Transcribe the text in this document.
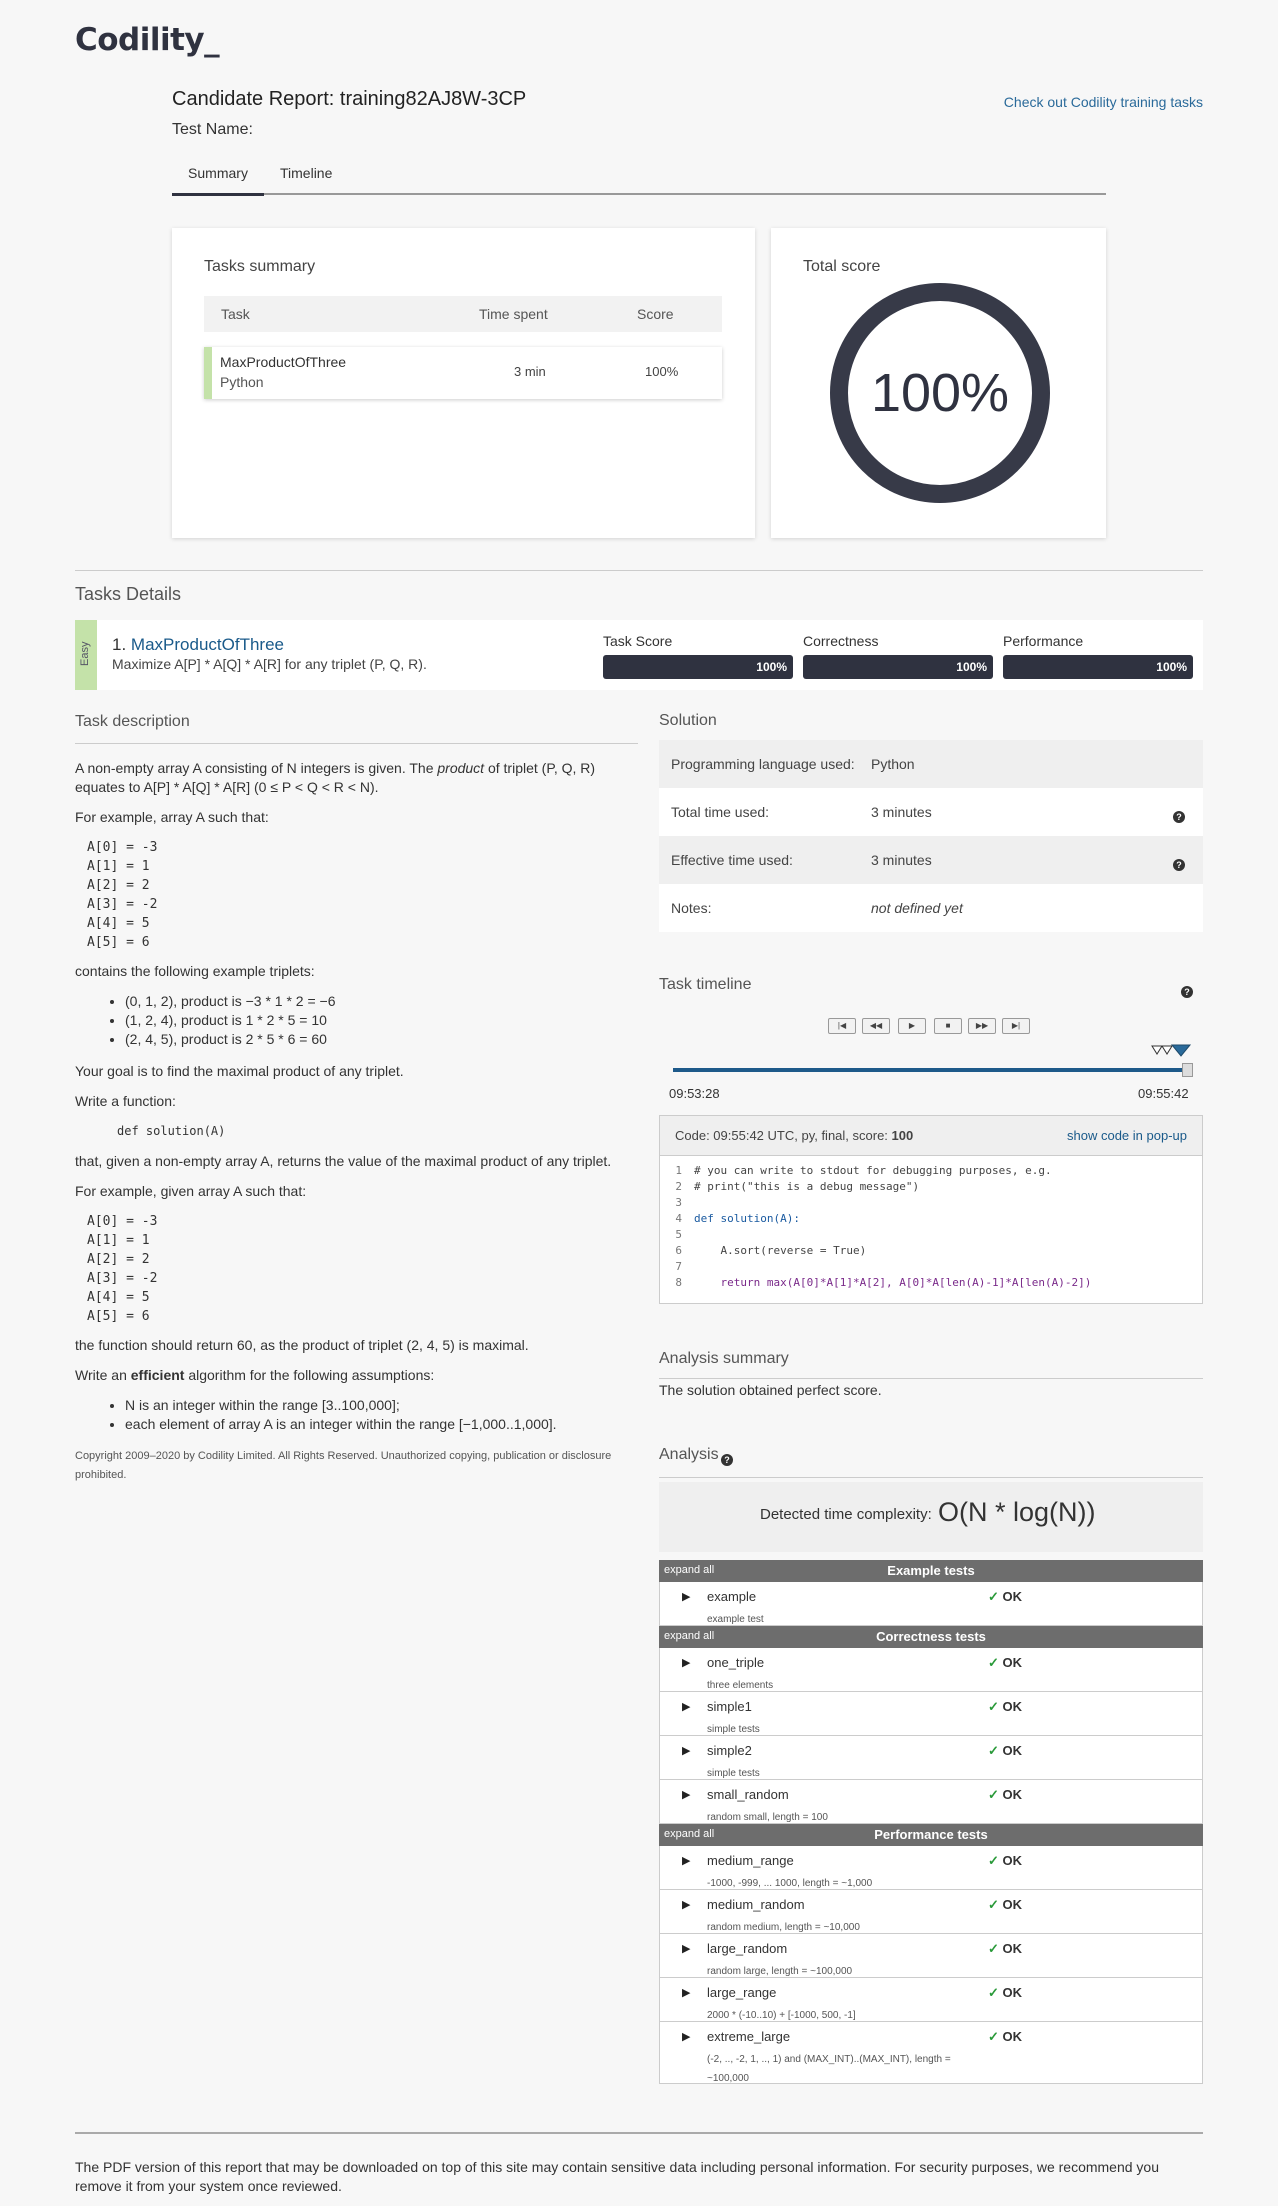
Codility_
Candidate Report: training82AJ8W-3CP
Test Name:
Check out Codility training tasks
Summary	Timeline
Tasks summary
Task	Time spent	Score
MaxProductOfThree
Python
3 min	100%
Total score
100%
Tasks Details
Easy 1. MaxProductOfThree
Maximize A[P] * A[Q] * A[R] for any triplet (P, Q, R).
Task Score
100%
Correctness
100%
Performance
100%
Task description

A non-empty array A consisting of N integers is given. The product of triplet (P, Q, R) equates to A[P] * A[Q] * A[R] (0 ≤ P < Q < R < N).

For example, array A such that:

A[0] = -3
A[1] = 1
A[2] = 2
A[3] = -2
A[4] = 5
A[5] = 6

contains the following example triplets:

• (0, 1, 2), product is −3 * 1 * 2 = −6
• (1, 2, 4), product is 1 * 2 * 5 = 10
• (2, 4, 5), product is 2 * 5 * 6 = 60

Your goal is to find the maximal product of any triplet.

Write a function:

def solution(A)

that, given a non-empty array A, returns the value of the maximal product of any triplet.

For example, given array A such that:

A[0] = -3
A[1] = 1
A[2] = 2
A[3] = -2
A[4] = 5
A[5] = 6

the function should return 60, as the product of triplet (2, 4, 5) is maximal.

Write an efficient algorithm for the following assumptions:

• N is an integer within the range [3..100,000];
• each element of array A is an integer within the range [−1,000..1,000].
Copyright 2009–2020 by Codility Limited. All Rights Reserved. Unauthorized copying, publication or disclosure prohibited.
Solution
Programming language used: Python
Total time used:	3 minutes	?
Effective time used:	3 minutes	?
Notes:	not defined yet
Task timeline	?
|◀	◀◀	▶	■	▶▶	▶|
09:53:28	09:55:42
Code: 09:55:42 UTC, py, final, score: 100	show code in pop-up
1 # you can write to stdout for debugging purposes, e.g.
2 # print("this is a debug message")
3
4 def solution(A):
5
6    A.sort(reverse = True)
7
8    return max(A[0]*A[1]*A[2], A[0]*A[len(A)-1]*A[len(A)-2])
Analysis summary
The solution obtained perfect score.
Analysis ?
Detected time complexity: O(N * log(N))
expand all	Example tests
▶ example
example test
✓ OK
expand all	Correctness tests
▶ one_triple
three elements
✓ OK
▶ simple1
simple tests
✓ OK
▶ simple2
simple tests
✓ OK
▶ small_random
random small, length = 100
✓ OK
expand all	Performance tests
▶ medium_range
-1000, -999, ... 1000, length = ~1,000
✓ OK
▶ medium_random
random medium, length = ~10,000
✓ OK
▶ large_random
random large, length = ~100,000
✓ OK
▶ large_range
2000 * (-10..10) + [-1000, 500, -1]
✓ OK
▶ extreme_large
(-2, .., -2, 1, .., 1) and (MAX_INT)..(MAX_INT), length = ~100,000
✓ OK
The PDF version of this report that may be downloaded on top of this site may contain sensitive data including personal information. For security purposes, we recommend you remove it from your system once reviewed.
